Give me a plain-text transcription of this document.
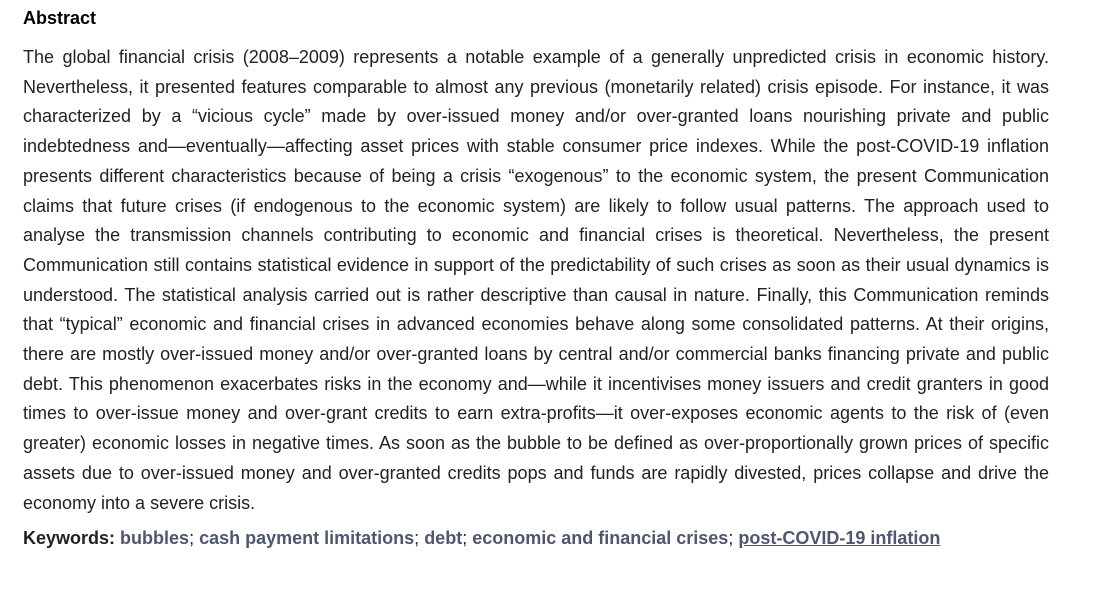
Abstract

The global financial crisis (2008–2009) represents a notable example of a generally unpredicted crisis in economic history. Nevertheless, it presented features comparable to almost any previous (monetarily related) crisis episode. For instance, it was characterized by a “vicious cycle” made by over-issued money and/or over-granted loans nourishing private and public indebtedness and—eventually—affecting asset prices with stable consumer price indexes. While the post-COVID-19 inflation presents different characteristics because of being a crisis “exogenous” to the economic system, the present Communication claims that future crises (if endogenous to the economic system) are likely to follow usual patterns. The approach used to analyse the transmission channels contributing to economic and financial crises is theoretical. Nevertheless, the present Communication still contains statistical evidence in support of the predictability of such crises as soon as their usual dynamics is understood. The statistical analysis carried out is rather descriptive than causal in nature. Finally, this Communication reminds that “typical” economic and financial crises in advanced economies behave along some consolidated patterns. At their origins, there are mostly over-issued money and/or over-granted loans by central and/or commercial banks financing private and public debt. This phenomenon exacerbates risks in the economy and—while it incentivises money issuers and credit granters in good times to over-issue money and over-grant credits to earn extra-profits—it over-exposes economic agents to the risk of (even greater) economic losses in negative times. As soon as the bubble to be defined as over-proportionally grown prices of specific assets due to over-issued money and over-granted credits pops and funds are rapidly divested, prices collapse and drive the economy into a severe crisis.

Keywords: bubbles; cash payment limitations; debt; economic and financial crises; post-COVID-19 inflation
